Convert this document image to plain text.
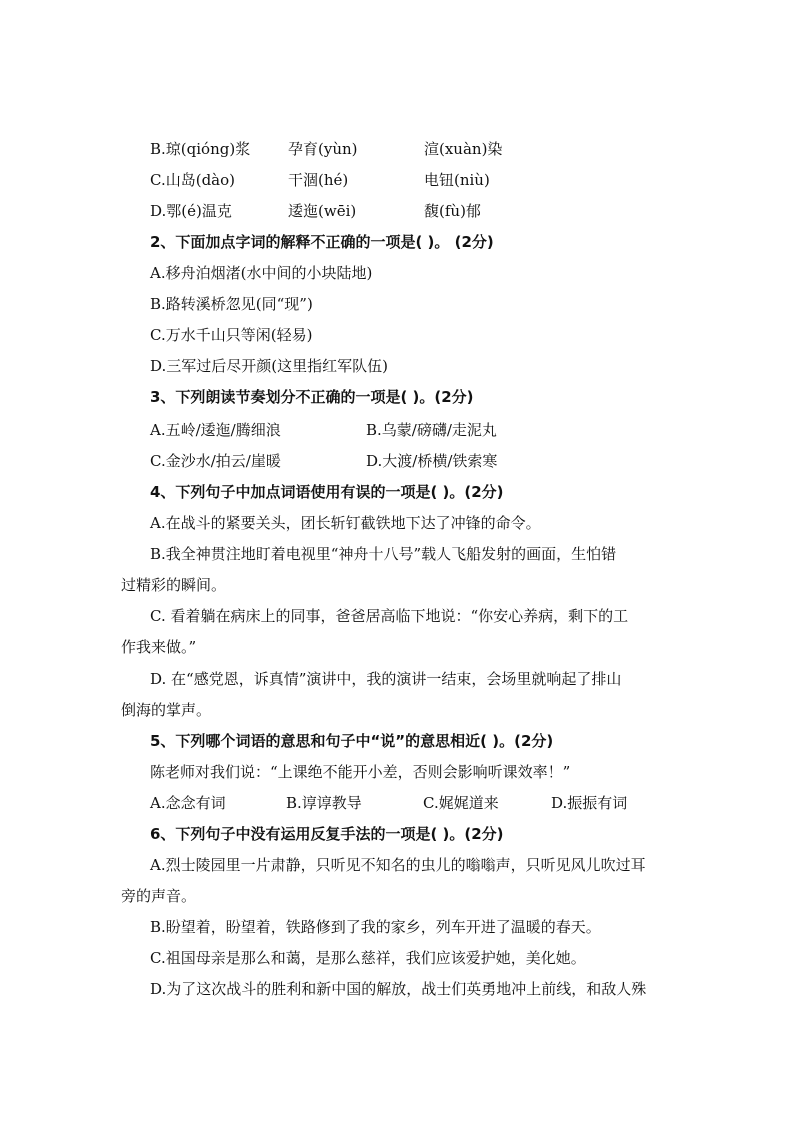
B.琼(qióng)浆	孕育(yùn)	渲(xuàn)染
C.山岛(dào)	干涸(hé)	电钮(niù)
D.鄂(é)温克	逶迤(wēi)	馥(fù)郁
2、下面加点字词的解释不正确的一项是( )。 (2分)
A.移舟泊烟渚(水中间的小块陆地)
B.路转溪桥忽见(同“现”)
C.万水千山只等闲(轻易)
D.三军过后尽开颜(这里指红军队伍)
3、下列朗读节奏划分不正确的一项是( )。(2分)
A.五岭/逶迤/腾细浪	B.乌蒙/磅礴/走泥丸
C.金沙水/拍云/崖暖	D.大渡/桥横/铁索寒
4、下列句子中加点词语使用有误的一项是( )。(2分)
A.在战斗的紧要关头，团长斩钉截铁地下达了冲锋的命令。
B.我全神贯注地盯着电视里“神舟十八号”载人飞船发射的画面，生怕错
过精彩的瞬间。
C. 看着躺在病床上的同事，爸爸居高临下地说：“你安心养病，剩下的工
作我来做。”
D. 在“感党恩，诉真情”演讲中，我的演讲一结束，会场里就响起了排山
倒海的掌声。
5、下列哪个词语的意思和句子中“说”的意思相近( )。(2分)
陈老师对我们说：“上课绝不能开小差，否则会影响听课效率！”
A.念念有词	B.谆谆教导	C.娓娓道来	D.振振有词
6、下列句子中没有运用反复手法的一项是( )。(2分)
A.烈士陵园里一片肃静，只听见不知名的虫儿的嗡嗡声，只听见风儿吹过耳
旁的声音。
B.盼望着，盼望着，铁路修到了我的家乡，列车开进了温暖的春天。
C.祖国母亲是那么和蔼，是那么慈祥，我们应该爱护她，美化她。
D.为了这次战斗的胜利和新中国的解放，战士们英勇地冲上前线，和敌人殊
